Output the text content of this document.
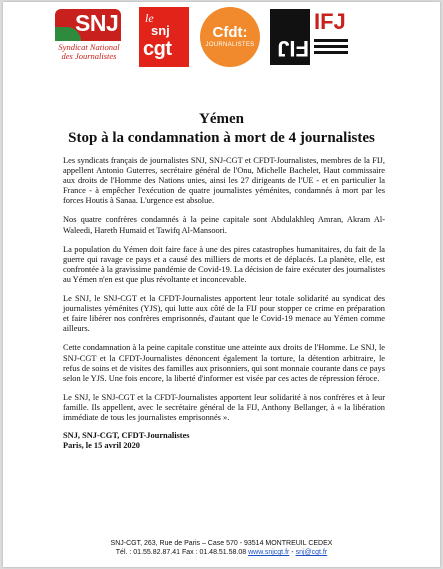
SNJ
Syndicat National
des Journalistes
le
snj
cgt
Cfdt:
JOURNALISTES FIJ
IFJ
Yémen
Stop à la condamnation à mort de 4 journalistes

Les syndicats français de journalistes SNJ, SNJ-CGT et CFDT-Journalistes, membres de la FIJ, appellent Antonio Guterres, secrétaire général de l'Onu, Michelle Bachelet, Haut commissaire aux droits de l'Homme des Nations unies, ainsi les 27 dirigeants de l'UE - et en particulier la France - à empêcher l'exécution de quatre journalistes yéménites, condamnés à mort par les forces Houtis à Sanaa. L'urgence est absolue.

Nos quatre confrères condamnés à la peine capitale sont Abdulakhleq Amran, Akram Al-Waleedi, Hareth Humaid et Tawifq Al-Mansoori.

La population du Yémen doit faire face à une des pires catastrophes humanitaires, du fait de la guerre qui ravage ce pays et a causé des milliers de morts et de déplacés. La planète, elle, est confrontée à la gravissime pandémie de Covid-19. La décision de faire exécuter des journalistes au Yémen n'en est que plus révoltante et inconcevable.

Le SNJ, le SNJ-CGT et la CFDT-Journalistes apportent leur totale solidarité au syndicat des journalistes yéménites (YJS), qui lutte aux côté de la FIJ pour stopper ce crime en préparation et faire libérer nos confrères emprisonnés, d'autant que le Covid-19 menace au Yémen comme ailleurs.

Cette condamnation à la peine capitale constitue une atteinte aux droits de l'Homme. Le SNJ, le SNJ-CGT et la CFDT-Journalistes dénoncent également la torture, la détention arbitraire, le refus de soins et de visites des familles aux prisonniers, qui sont monnaie courante dans ce pays selon le YJS. Une fois encore, la liberté d'informer est visée par ces actes de répression féroce.

Le SNJ, le SNJ-CGT et la CFDT-Journalistes apportent leur solidarité à nos confrères et à leur famille. Ils appellent, avec le secrétaire général de la FIJ, Anthony Bellanger, à « la libération immédiate de tous les journalistes emprisonnés ».

SNJ, SNJ-CGT, CFDT-Journalistes
Paris, le 15 avril 2020
SNJ-CGT, 263, Rue de Paris – Case 570 - 93514 MONTREUIL CEDEX
Tél. : 01.55.82.87.41 Fax : 01.48.51.58.08 www.snjcgt.fr - snj@cgt.fr
